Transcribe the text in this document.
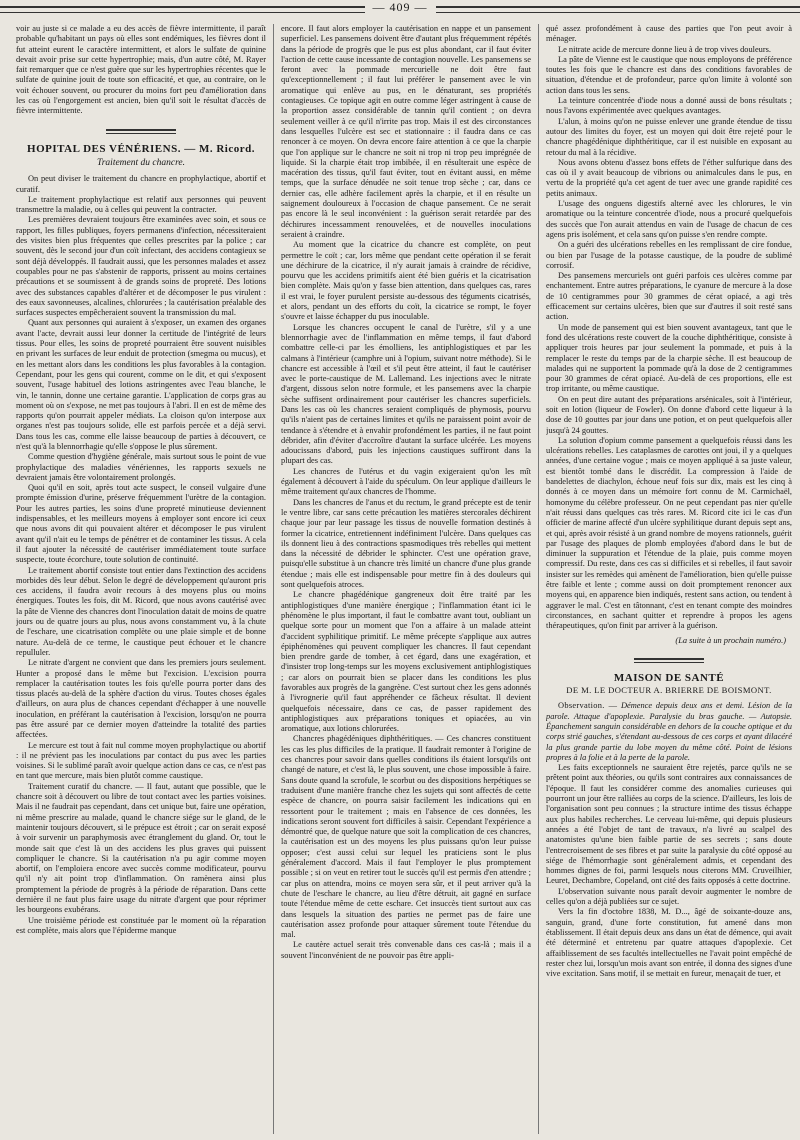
— 409 —

voir au juste si ce malade a eu des accès de fièvre intermittente, il paraît probable qu'habitant un pays où elles sont endémiques, les fièvres dont il fut atteint eurent le caractère intermittent, et alors le sulfate de quinine devait avoir prise sur cette hypertrophie; mais, d'un autre côté, M. Rayer fait remarquer que ce n'est guère que sur les hypertrophies récentes que le sulfate de quinine jouit de toute son efficacité, et que, au contraire, on le voit échouer souvent, ou procurer du moins fort peu d'amélioration dans les cas où l'engorgement est ancien, bien qu'il soit le résultat d'accès de fièvre intermittente.

HOPITAL DES VÉNÉRIENS. — M. Ricord.

Traitement du chancre.

On peut diviser le traitement du chancre en prophylactique, abortif et curatif.

Le traitement prophylactique est relatif aux personnes qui peuvent transmettre la maladie, ou à celles qui peuvent la contracter.

Les premières devraient toujours être examinées avec soin, et sous ce rapport, les filles publiques, foyers permanens d'infection, nécessiteraient des visites bien plus fréquentes que celles prescrites par la police ; car souvent, dès le second jour d'un coït infectant, des accidens contagieux se sont déjà développés. Il faudrait aussi, que les personnes malades et assez coupables pour ne pas s'abstenir de rapports, prissent au moins certaines précautions et se soumissent à de grands soins de propreté. Des lotions avec des substances capables d'altérer et de décomposer le pus virulent : des eaux savonneuses, alcalines, chlorurées ; la cautérisation préalable des surfaces suspectes empêcheraient souvent la transmission du mal.

Quant aux personnes qui auraient à s'exposer, un examen des organes avant l'acte, devrait aussi leur donner la certitude de l'intégrité de leurs tissus. Pour elles, les soins de propreté pourraient être souvent nuisibles en privant les surfaces de leur enduit de protection (smegma ou mucus), et en les mettant alors dans les conditions les plus favorables à la contagion. Cependant, pour les gens qui courent, comme on le dit, et qui s'exposent souvent, l'usage habituel des lotions astringentes avec l'eau blanche, le vin, le tannin, donne une certaine garantie. L'application de corps gras au moment où on s'expose, ne met pas toujours à l'abri. Il en est de même des rapports qu'on pourrait appeler médiats. La cloison qu'on interpose aux organes n'est pas toujours solide, elle est parfois percée et a déjà servi. Dans tous les cas, comme elle laisse beaucoup de parties à découvert, ce n'est qu'à la blennorrhagie qu'elle s'oppose le plus sûrement.

Comme question d'hygiène générale, mais surtout sous le point de vue prophylactique des maladies vénériennes, les rapports sexuels ne devraient jamais être volontairement prolongés.

Quoi qu'il en soit, après tout acte suspect, le conseil vulgaire d'une prompte émission d'urine, préserve fréquemment l'urètre de la contagion. Pour les autres parties, les soins d'une propreté minutieuse deviennent indispensables, et les meilleurs moyens à employer sont encore ici ceux que nous avons dit qui pouvaient altérer et décomposer le pus virulent avant qu'il n'ait eu le temps de pénétrer et de contaminer les tissus. A cela il faut ajouter la nécessité de cautériser immédiatement toute surface suspecte, toute écorchure, toute solution de continuité.

Le traitement abortif consiste tout entier dans l'extinction des accidens morbides dès leur début. Selon le degré de développement qu'auront pris ces accidens, il faudra avoir recours à des moyens plus ou moins énergiques. Toutes les fois, dit M. Ricord, que nous avons cautérisé avec la pâte de Vienne des chancres dont l'inoculation datait de moins de quatre jours ou de quatre jours au plus, nous avons constamment vu, à la chute de l'eschare, une cicatrisation complète ou une plaie simple et de bonne nature. Au-delà de ce terme, le caustique peut échouer et le chancre repulluler.

Le nitrate d'argent ne convient que dans les premiers jours seulement. Hunter a proposé dans le même but l'excision. L'excision pourra remplacer la cautérisation toutes les fois qu'elle pourra porter dans des tissus placés au-delà de la sphère d'action du virus. Toutes choses égales d'ailleurs, on aura plus de chances cependant d'échapper à une nouvelle inoculation, en préférant la cautérisation à l'excision, lorsqu'on ne pourra pas être assuré par ce dernier moyen d'atteindre la totalité des parties affectées.

Le mercure est tout à fait nul comme moyen prophylactique ou abortif : il ne prévient pas les inoculations par contact du pus avec les parties voisines. Si le sublimé paraît avoir quelque action dans ce cas, ce n'est pas en tant que mercure, mais bien plutôt comme caustique.

Traitement curatif du chancre. — Il faut, autant que possible, que le chancre soit à découvert ou libre de tout contact avec les parties voisines. Mais il ne faudrait pas cependant, dans cet unique but, faire une opération, ni même prescrire au malade, quand le chancre siége sur le gland, de le maintenir toujours découvert, si le prépuce est étroit ; car on serait exposé à voir survenir un paraphymosis avec étranglement du gland. Or, tout le monde sait que c'est là un des accidens les plus graves qui puissent compliquer le chancre. Si la cautérisation n'a pu agir comme moyen abortif, on l'emploiera encore avec succès comme modificateur, pourvu qu'il n'y ait point trop d'inflammation. On ramènera ainsi plus promptement la période de progrès à la période de réparation. Dans cette dernière il ne faut plus faire usage du nitrate d'argent que pour réprimer les bourgeons exubérans.

Une troisième période est constituée par le moment où la réparation est complète, mais alors que l'épiderme manque

encore. Il faut alors employer la cautérisation en nappe et un pansement superficiel. Les pansemens doivent être d'autant plus fréquemment répétés dans la période de progrès que le pus est plus abondant, car il faut éviter l'action de cette cause incessante de contagion nouvelle. Les pansemens se feront avec la pommade mercurielle ne doit être faut qu'exceptionnellement ; il faut lui préférer le pansement avec le vin aromatique qui enlève au pus, en le dénaturant, ses propriétés contagieuses. Ce topique agit en outre comme léger astringent à cause de la proportion assez considérable de tannin qu'il contient ; on devra seulement veiller à ce qu'il n'irrite pas trop. Mais il est des circonstances dans lesquelles l'ulcère est sec et stationnaire : il faudra dans ce cas renoncer à ce moyen. On devra encore faire attention à ce que la charpie que l'on applique sur le chancre ne soit ni trop ni trop peu imprégnée de liquide. Si la charpie était trop imbibée, il en résulterait une espèce de macération des tissus, qu'il faut éviter, tout en évitant aussi, en même temps, que la surface dénudée ne soit tenue trop sèche ; car, dans ce dernier cas, elle adhère facilement après la charpie, et il en résulte un saignement douloureux à l'occasion de chaque pansement. Ce ne serait pas encore là le seul inconvénient : la guérison serait retardée par des déchirures incessamment renouvelées, et de nouvelles inoculations seraient à craindre.

Au moment que la cicatrice du chancre est complète, on peut permettre le coït ; car, lors même que pendant cette opération il se ferait une déchirure de la cicatrice, il n'y aurait jamais à craindre de récidive, pourvu que les accidens primitifs aient été bien guéris et la cicatrisation bien complète. Mais qu'on y fasse bien attention, dans quelques cas, rares il est vrai, le foyer purulent persiste au-dessous des téguments cicatrisés, et alors, pendant un des efforts du coït, la cicatrice se rompt, le foyer s'ouvre et laisse échapper du pus inoculable.

Lorsque les chancres occupent le canal de l'urètre, s'il y a une blennorrhagie avec de l'inflammation en même temps, il faut d'abord combattre celle-ci par les émolliens, les antiphlogistiques et par les calmans à l'intérieur (camphre uni à l'opium, suivant notre méthode). Si le chancre est accessible à l'œil et s'il peut être atteint, il faut le cautériser avec le porte-caustique de M. Lallemand. Les injections avec le nitrate d'argent, dissous selon notre formule, et les pansemens avec la charpie sèche suffisent ordinairement pour cautériser les chancres superficiels. Dans les cas où les chancres seraient compliqués de phymosis, pourvu qu'ils n'aient pas de certaines limites et qu'ils ne paraissent point avoir de tendance à s'étendre et à envahir profondément les parties, il ne faut point débrider, afin d'éviter d'accroître d'autant la surface ulcérée. Les moyens adoucissans d'abord, puis les injections caustiques suffiront dans la plupart des cas.

Les chancres de l'utérus et du vagin exigeraient qu'on les mît également à découvert à l'aide du spéculum. On leur applique d'ailleurs le même traitement qu'aux chancres de l'homme.

Dans les chancres de l'anus et du rectum, le grand précepte est de tenir le ventre libre, car sans cette précaution les matières stercorales déchirent chaque jour par leur passage les tissus de nouvelle formation destinés à former la cicatrice, entretiennent indéfiniment l'ulcère. Dans quelques cas ils donnent lieu à des contractions spasmodiques très rebelles qui mettent dans la nécessité de débrider le sphincter. C'est une opération grave, puisqu'elle substitue à un chancre très limité un chancre d'une plus grande étendue ; mais elle est indispensable pour mettre fin à des douleurs qui sont quelquefois atroces.

Le chancre phagédénique gangreneux doit être traité par les antiphlogistiques d'une manière énergique ; l'inflammation étant ici le phénomène le plus important, il faut le combattre avant tout, oubliant un quelque sorte pour un moment que l'on a affaire à un malade atteint d'accident syphilitique primitif. Le même précepte s'applique aux autres épiphénomènes qui peuvent compliquer les chancres. Il faut cependant bien prendre garde de tomber, à cet égard, dans une exagération, et d'insister trop long-temps sur les moyens exclusivement antiphlogistiques ; car alors on pourrait bien se placer dans les conditions les plus favorables aux progrès de la gangrène. C'est surtout chez les gens adonnés à l'ivrognerie qu'il faut appréhender ce fâcheux résultat. Il devient quelquefois nécessaire, dans ce cas, de passer rapidement des antiphlogistiques aux préparations toniques et opiacées, au vin aromatique, aux lotions chlorurées.

Chancres phagédéniques diphthéritiques. — Ces chancres constituent les cas les plus difficiles de la pratique. Il faudrait remonter à l'origine de ces chancres pour savoir dans quelles conditions ils étaient lorsqu'ils ont changé de nature, et c'est là, le plus souvent, une chose impossible à faire. Sans doute quand la scrofule, le scorbut ou des dispositions herpétiques se traduisent d'une manière franche chez les sujets qui sont affectés de cette espèce de chancre, on pourra saisir facilement les indications qui en ressortent pour le traitement ; mais en l'absence de ces données, les indications seront souvent fort difficiles à saisir. Cependant l'expérience a démontré que, de quelque nature que soit la complication de ces chancres, la cautérisation est un des moyens les plus puissans qu'on leur puisse opposer; c'est aussi celui sur lequel les praticiens sont le plus généralement d'accord. Mais il faut l'employer le plus promptement possible ; si on veut en retirer tout le succès qu'il est permis d'en attendre ; car plus on attendra, moins ce moyen sera sûr, et il peut arriver qu'à la chute de l'eschare le chancre, au lieu d'être détruit, ait gagné en surface toute l'étendue même de cette eschare. Cet insuccès tient surtout aux cas dans lesquels la situation des parties ne permet pas de faire une cautérisation assez profonde pour attaquer sûrement toute l'étendue du mal.

Le cautère actuel serait très convenable dans ces cas-là ; mais il a souvent l'inconvénient de ne pouvoir pas être appli-

qué assez profondément à cause des parties que l'on peut avoir à ménager.

Le nitrate acide de mercure donne lieu à de trop vives douleurs.

La pâte de Vienne est le caustique que nous employons de préférence toutes les fois que le chancre est dans des conditions favorables de situation, d'étendue et de profondeur, parce qu'on limite à volonté son action dans tous les sens.

La teinture concentrée d'iode nous a donné aussi de bons résultats ; nous l'avons expérimentée avec quelques avantages.

L'alun, à moins qu'on ne puisse enlever une grande étendue de tissu autour des limites du foyer, est un moyen qui doit être rejeté pour le chancre phagédénique diphthéritique, car il est nuisible en exposant au retour du mal à la récidive.

Nous avons obtenu d'assez bons effets de l'éther sulfurique dans des cas où il y avait beaucoup de vibrions ou animalcules dans le pus, en vertu de la propriété qu'a cet agent de tuer avec une grande rapidité ces petits animaux.

L'usage des onguens digestifs alterné avec les chlorures, le vin aromatique ou la teinture concentrée d'iode, nous a procuré quelquefois des succès que l'on aurait attendus en vain de l'usage de chacun de ces agens pris isolément, et cela sans qu'on puisse s'en rendre compte.

On a guéri des ulcérations rebelles en les remplissant de cire fondue, ou bien par l'usage de la potasse caustique, de la poudre de sublimé corrosif.

Des pansemens mercuriels ont guéri parfois ces ulcères comme par enchantement. Entre autres préparations, le cyanure de mercure à la dose de 10 centigrammes pour 30 grammes de cérat opiacé, a agi très efficacement sur certains ulcères, bien que sur d'autres il soit resté sans action.

Un mode de pansement qui est bien souvent avantageux, tant que le fond des ulcérations reste couvert de la couche diphthéritique, consiste à appliquer trois heures par jour seulement la pommade, et puis à la remplacer le reste du temps par de la charpie sèche. Il est beaucoup de malades qui ne supportent la pommade qu'à la dose de 2 centigrammes pour 30 grammes de cérat opiacé. Au-delà de ces proportions, elle est trop irritante, ou même caustique.

On en peut dire autant des préparations arsénicales, soit à l'intérieur, soit en lotion (liqueur de Fowler). On donne d'abord cette liqueur à la dose de 10 gouttes par jour dans une potion, et on peut quelquefois aller jusqu'à 24 gouttes.

La solution d'opium comme pansement a quelquefois réussi dans les ulcérations rebelles. Les cataplasmes de carottes ont joui, il y a quelques années, d'une certaine vogue ; mais ce moyen appliqué à sa juste valeur, est bientôt tombé dans le discrédit. La compression à l'aide de bandelettes de diachylon, échoue neuf fois sur dix, mais est les cinq à donnés à ce moyen dans un mémoire fort connu de M. Carmichaël, homonyme du célèbre professeur. On ne peut cependant pas nier qu'elle n'ait réussi dans quelques cas très rares. M. Ricord cite ici le cas d'un officier de marine affecté d'un ulcère syphilitique durant depuis sept ans, et qui, après avoir résisté à un grand nombre de moyens rationnels, guérit par l'usage des plaques de plomb employées d'abord dans le but de diminuer la suppuration et l'étendue de la plaie, puis comme moyen compressif. Du reste, dans ces cas si difficiles et si rebelles, il faut savoir insister sur les remèdes qui amènent de l'amélioration, bien qu'elle puisse être faible et lente ; comme aussi on doit promptement renoncer aux moyens qui, en apparence bien indiqués, restent sans action, ou tendent à aggraver le mal. C'est en tâtonnant, c'est en tenant compte des moindres circonstances, en sachant quitter et reprendre à propos les agens thérapeutiques, qu'on finit par arriver à la guérison.

(La suite à un prochain numéro.)

MAISON DE SANTÉ

DE M. LE DOCTEUR A. BRIERRE DE BOISMONT.

Observation. — Démence depuis deux ans et demi. Lésion de la parole. Attaque d'apoplexie. Paralysie du bras gauche. — Autopsie. Épanchement sanguin considérable en dehors de la couche optique et du corps strié gauches, s'étendant au-dessous de ces corps et ayant dilacéré la plus grande partie du lobe moyen du même côté. Point de lésions propres à la folie et à la perte de la parole.

Les faits exceptionnels ne sauraient être rejetés, parce qu'ils ne se prêtent point aux théories, ou qu'ils sont contraires aux connaissances de l'époque. Il faut les considérer comme des anomalies curieuses qui pourront un jour être ralliées au corps de la science. D'ailleurs, les lois de l'organisation sont peu connues ; la structure intime des tissus échappe aux plus habiles recherches. Le cerveau lui-même, qui depuis plusieurs années a été l'objet de tant de travaux, n'a livré au scalpel des anatomistes qu'une bien faible partie de ses secrets ; sans doute l'entrecroisement de ses fibres et par suite la paralysie du côté opposé au siége de l'hémorrhagie sont généralement admis, et cependant des hommes dignes de foi, parmi lesquels nous citerons MM. Cruveilhier, Leuret, Dechambre, Copeland, ont cité des faits opposés à cette doctrine.

L'observation suivante nous paraît devoir augmenter le nombre de celles qu'on a déjà publiées sur ce sujet.

Vers la fin d'octobre 1838, M. D..., âgé de soixante-douze ans, sanguin, grand, d'une forte constitution, fut amené dans mon établissement. Il était depuis deux ans dans un état de démence, qui avait été déterminé et entretenu par quatre attaques d'apoplexie. Cet affaiblissement de ses facultés intellectuelles ne l'avait point empêché de rester chez lui, lorsqu'un mois avant son entrée, il donna des signes d'une vive excitation. Sans motif, il se mettait en fureur, menaçait de tuer, et
